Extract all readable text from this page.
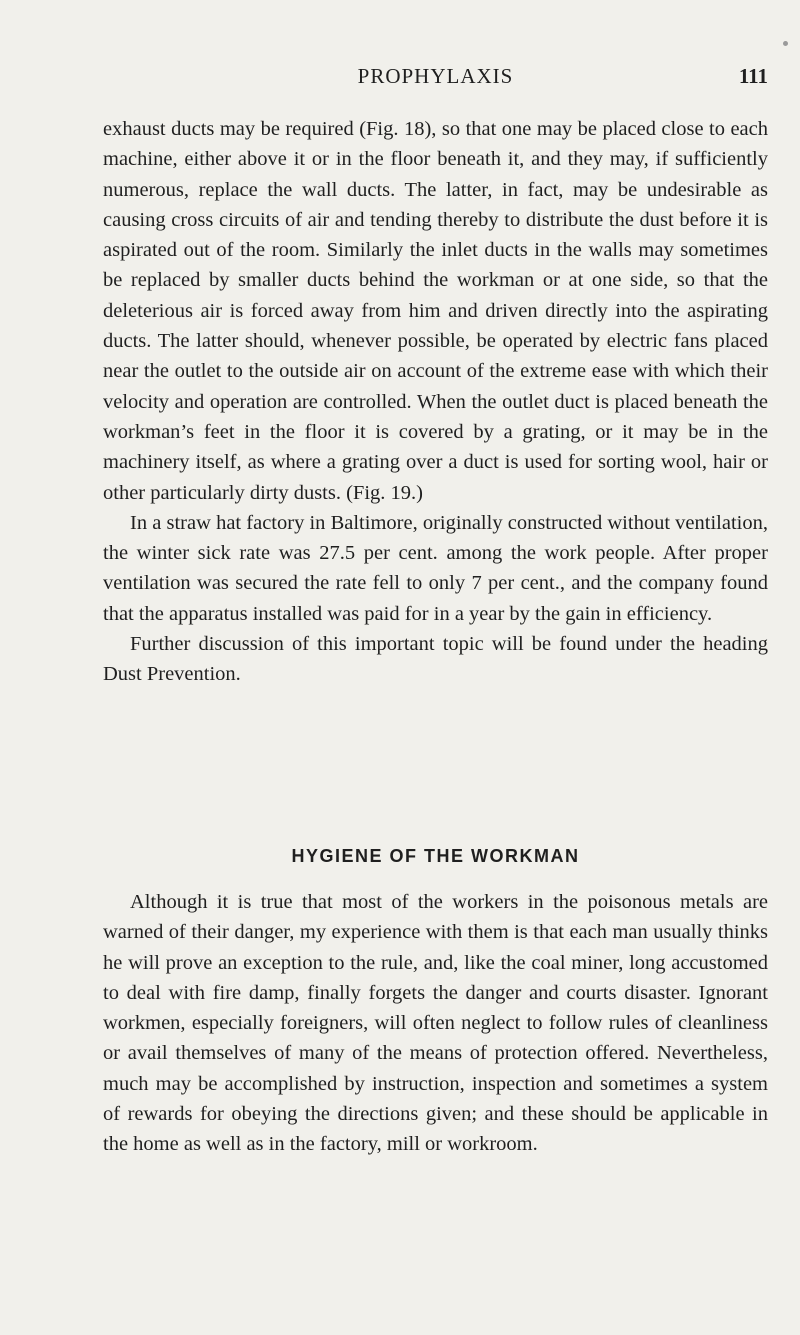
PROPHYLAXIS	111

exhaust ducts may be required (Fig. 18), so that one may be placed close to each machine, either above it or in the floor beneath it, and they may, if sufficiently numerous, replace the wall ducts. The latter, in fact, may be undesirable as causing cross circuits of air and tending thereby to distribute the dust before it is aspirated out of the room. Similarly the inlet ducts in the walls may sometimes be replaced by smaller ducts behind the workman or at one side, so that the deleterious air is forced away from him and driven directly into the aspirating ducts. The latter should, whenever possible, be operated by electric fans placed near the outlet to the outside air on account of the extreme ease with which their velocity and operation are controlled. When the outlet duct is placed beneath the workman’s feet in the floor it is covered by a grating, or it may be in the machinery itself, as where a grating over a duct is used for sorting wool, hair or other particularly dirty dusts. (Fig. 19.)

In a straw hat factory in Baltimore, originally constructed without ventilation, the winter sick rate was 27.5 per cent. among the work people. After proper ventilation was secured the rate fell to only 7 per cent., and the company found that the apparatus installed was paid for in a year by the gain in efficiency.

Further discussion of this important topic will be found under the heading Dust Prevention.

HYGIENE OF THE WORKMAN

Although it is true that most of the workers in the poisonous metals are warned of their danger, my experience with them is that each man usually thinks he will prove an exception to the rule, and, like the coal miner, long accustomed to deal with fire damp, finally forgets the danger and courts disaster. Ignorant workmen, especially foreigners, will often neglect to follow rules of cleanliness or avail themselves of many of the means of protection offered. Nevertheless, much may be accomplished by instruction, inspection and sometimes a system of rewards for obeying the directions given; and these should be applicable in the home as well as in the factory, mill or workroom.
